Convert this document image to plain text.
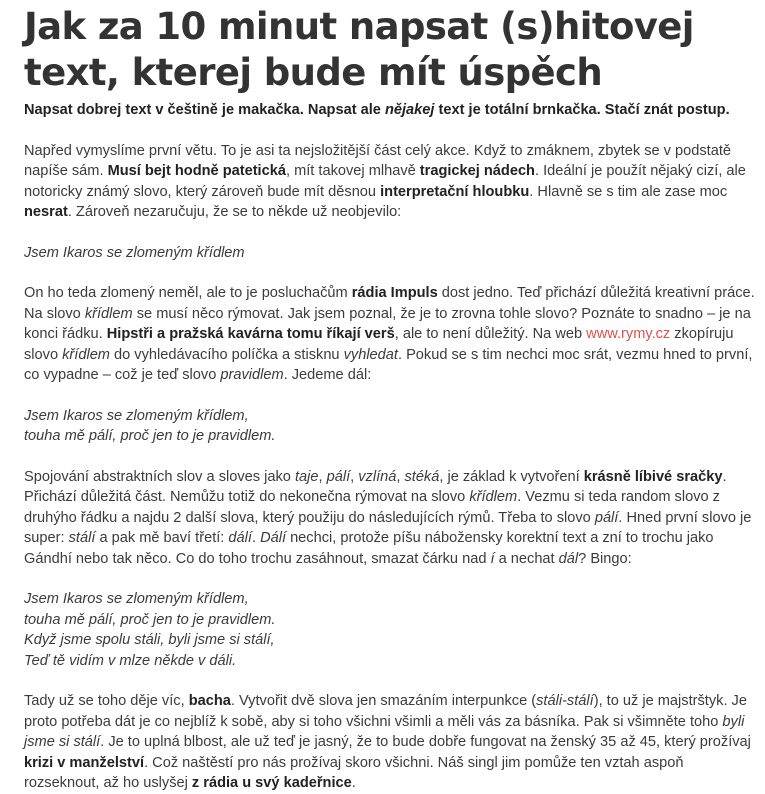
Jak za 10 minut napsat (s)hitovej
text, kterej bude mít úspěch

Napsat dobrej text v češtině je makačka. Napsat ale nějakej text je totální brnkačka. Stačí znát postup.

Napřed vymyslíme první větu. To je asi ta nejsložitější část celý akce. Když to zmáknem, zbytek se v podstatě napíše sám. Musí bejt hodně patetická, mít takovej mlhavě tragickej nádech. Ideální je použít nějaký cizí, ale notoricky známý slovo, který zároveň bude mít děsnou interpretační hloubku. Hlavně se s tim ale zase moc nesrat. Zároveň nezaručuju, že se to někde už neobjevilo:

Jsem Ikaros se zlomeným křídlem

On ho teda zlomený neměl, ale to je posluchačům rádia Impuls dost jedno. Teď přichází důležitá kreativní práce. Na slovo křídlem se musí něco rýmovat. Jak jsem poznal, že je to zrovna tohle slovo? Poznáte to snadno – je na konci řádku. Hipstři a pražská kavárna tomu říkají verš, ale to není důležitý. Na web www.rymy.cz zkopíruju slovo křídlem do vyhledávacího políčka a stisknu vyhledat. Pokud se s tim nechci moc srát, vezmu hned to první, co vypadne – což je teď slovo pravidlem. Jedeme dál:

Jsem Ikaros se zlomeným křídlem,
touha mě pálí, proč jen to je pravidlem.

Spojování abstraktních slov a sloves jako taje, pálí, vzlíná, stéká, je základ k vytvoření krásně líbivé sračky. Přichází důležitá část. Nemůžu totiž do nekonečna rýmovat na slovo křídlem. Vezmu si teda random slovo z druhýho řádku a najdu 2 další slova, který použiju do následujících rýmů. Třeba to slovo pálí. Hned první slovo je super: stálí a pak mě baví třetí: dálí. Dálí nechci, protože píšu nábožensky korektní text a zní to trochu jako Gándhí nebo tak něco. Co do toho trochu zasáhnout, smazat čárku nad í a nechat dál? Bingo:

Jsem Ikaros se zlomeným křídlem,
touha mě pálí, proč jen to je pravidlem.
Když jsme spolu stáli, byli jsme si stálí,
Teď tě vidím v mlze někde v dáli.

Tady už se toho děje víc, bacha. Vytvořit dvě slova jen smazáním interpunkce (stáli-stálí), to už je majstrštyk. Je proto potřeba dát je co nejblíž k sobě, aby si toho všichni všimli a měli vás za básníka. Pak si všimněte toho byli jsme si stálí. Je to uplná blbost, ale už teď je jasný, že to bude dobře fungovat na ženský 35 až 45, který prožívaj krizi v manželství. Což naštěstí pro nás prožívaj skoro všichni. Náš singl jim pomůže ten vztah aspoň rozseknout, až ho uslyšej z rádia u svý kadeřnice.
